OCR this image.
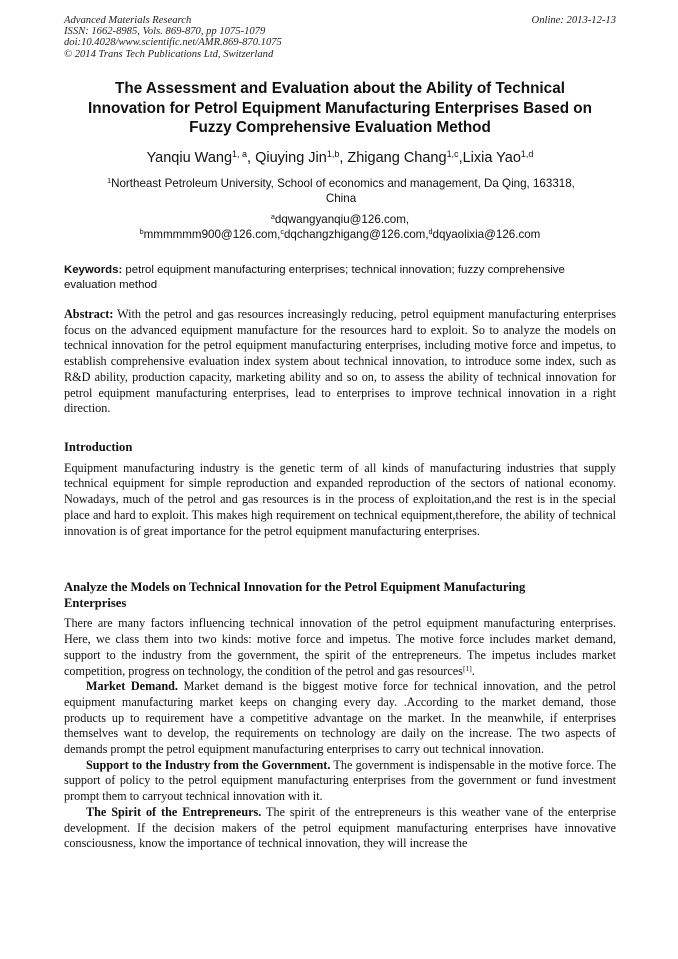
Advanced Materials Research
ISSN: 1662-8985, Vols. 869-870, pp 1075-1079
doi:10.4028/www.scientific.net/AMR.869-870.1075
© 2014 Trans Tech Publications Ltd, Switzerland
Online: 2013-12-13
The Assessment and Evaluation about the Ability of Technical
Innovation for Petrol Equipment Manufacturing Enterprises Based on
Fuzzy Comprehensive Evaluation Method
Yanqiu Wang$^{1, a}$, Qiuying Jin$^{1,b}$, Zhigang Chang$^{1,c}$,Lixia Yao$^{1,d}$
$^1$Northeast Petroleum University, School of economics and management, Da Qing, 163318, China
$^a$dqwangyanqiu@126.com,
$^b$mmmmmm900@126.com,$^c$dqchangzhigang@126.com,$^d$dqyaolixia@126.com
Keywords: petrol equipment manufacturing enterprises; technical innovation; fuzzy comprehensive evaluation method

Abstract: With the petrol and gas resources increasingly reducing, petrol equipment manufacturing enterprises focus on the advanced equipment manufacture for the resources hard to exploit. So to analyze the models on technical innovation for the petrol equipment manufacturing enterprises, including motive force and impetus, to establish comprehensive evaluation index system about technical innovation, to introduce some index, such as R&D ability, production capacity, marketing ability and so on, to assess the ability of technical innovation for petrol equipment manufacturing enterprises, lead to enterprises to improve technical innovation in a right direction.

Introduction

Equipment manufacturing industry is the genetic term of all kinds of manufacturing industries that supply technical equipment for simple reproduction and expanded reproduction of the sectors of national economy. Nowadays, much of the petrol and gas resources is in the process of exploitation,and the rest is in the special place and hard to exploit. This makes high requirement on technical equipment,therefore, the ability of technical innovation is of great importance for the petrol equipment manufacturing enterprises.

Analyze the Models on Technical Innovation for the Petrol Equipment Manufacturing
Enterprises

There are many factors influencing technical innovation of the petrol equipment manufacturing enterprises. Here, we class them into two kinds: motive force and impetus. The motive force includes market demand, support to the industry from the government, the spirit of the entrepreneurs. The impetus includes market competition, progress on technology, the condition of the petrol and gas resources[1].

Market Demand. Market demand is the biggest motive force for technical innovation, and the petrol equipment manufacturing market keeps on changing every day. .According to the market demand, those products up to requirement have a competitive advantage on the market. In the meanwhile, if enterprises themselves want to develop, the requirements on technology are daily on the increase. The two aspects of demands prompt the petrol equipment manufacturing enterprises to carry out technical innovation.

Support to the Industry from the Government. The government is indispensable in the motive force. The support of policy to the petrol equipment manufacturing enterprises from the government or fund investment prompt them to carryout technical innovation with it.

The Spirit of the Entrepreneurs. The spirit of the entrepreneurs is this weather vane of the enterprise development. If the decision makers of the petrol equipment manufacturing enterprises have innovative consciousness, know the importance of technical innovation, they will increase the
